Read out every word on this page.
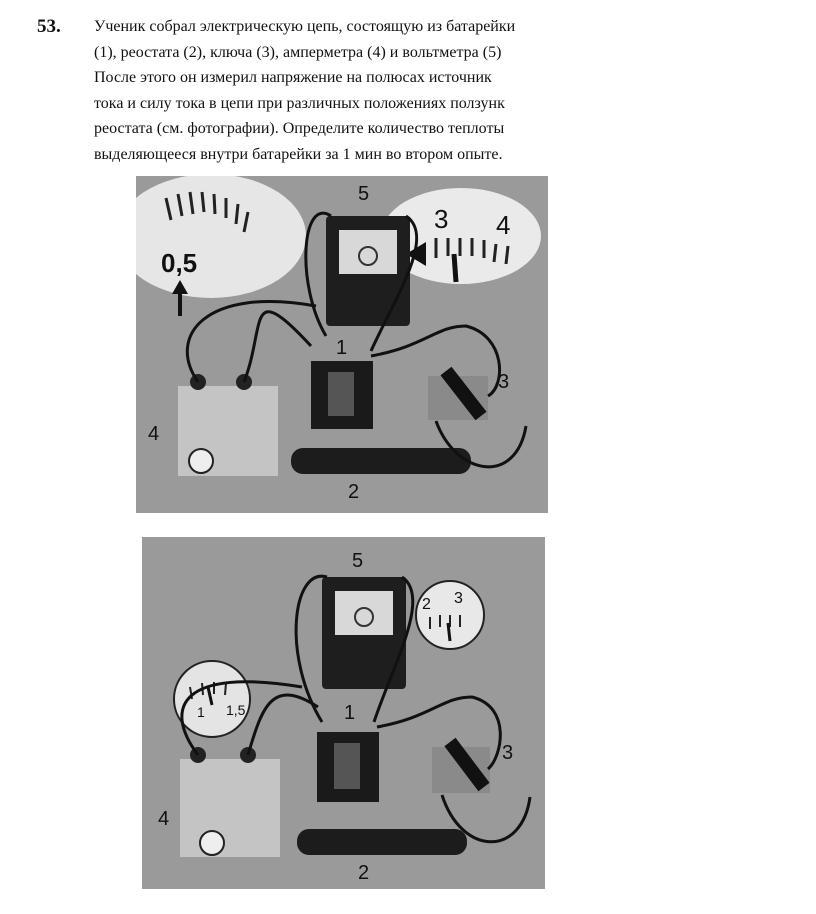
53. Ученик собрал электрическую цепь, состоящую из батарейки
(1), реостата (2), ключа (3), амперметра (4) и вольтметра (5)
После этого он измерил напряжение на полюсах источник
тока и силу тока в цепи при различных положениях ползунк
реостата (см. фотографии). Определите количество теплоты
выделяющееся внутри батарейки за 1 мин во втором опыте.
0,5
3 4
5
1
4
3
2
5
2 3
1
1 1,5
4
3
2
